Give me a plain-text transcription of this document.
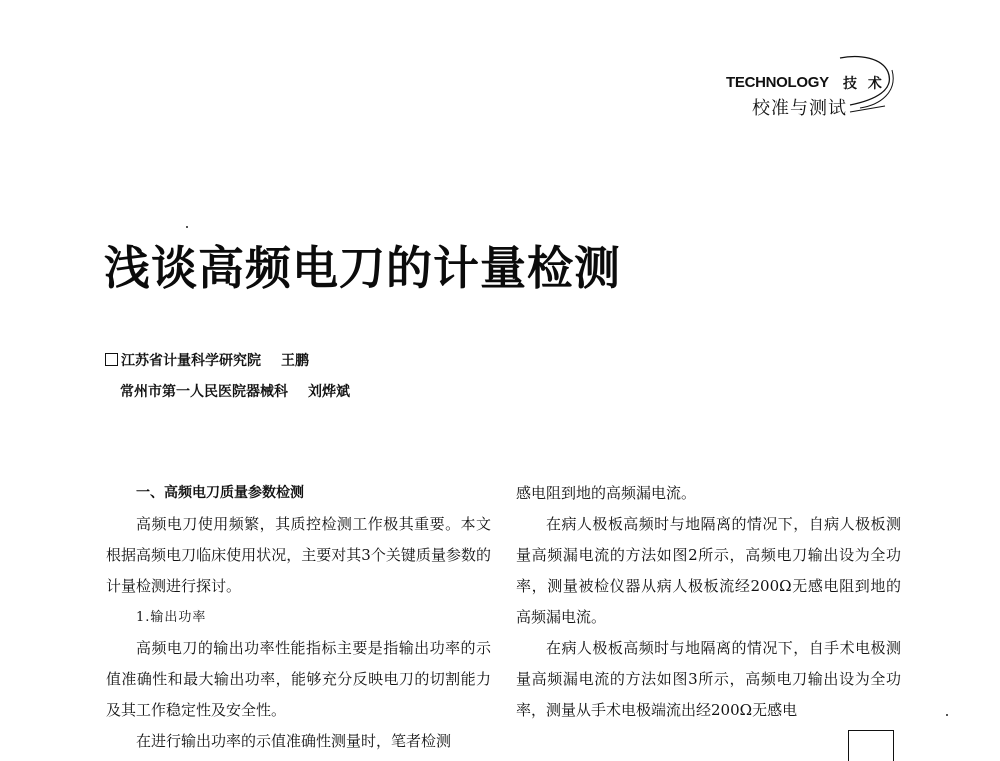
TECHNOLOGY 技 术
校准与测试
浅谈高频电刀的计量检测
江苏省计量科学研究院 王鹏
常州市第一人民医院器械科 刘烨斌

一、高频电刀质量参数检测

高频电刀使用频繁，其质控检测工作极其重要。本文根据高频电刀临床使用状况，主要对其3个关键质量参数的计量检测进行探讨。

1.输出功率

高频电刀的输出功率性能指标主要是指输出功率的示值准确性和最大输出功率，能够充分反映电刀的切割能力及其工作稳定性及安全性。

在进行输出功率的示值准确性测量时，笔者检测

感电阻到地的高频漏电流。

在病人极板高频时与地隔离的情况下，自病人极板测量高频漏电流的方法如图2所示，高频电刀输出设为全功率，测量被检仪器从病人极板流经200Ω无感电阻到地的高频漏电流。

在病人极板高频时与地隔离的情况下，自手术电极测量高频漏电流的方法如图3所示，高频电刀输出设为全功率，测量从手术电极端流出经200Ω无感电
